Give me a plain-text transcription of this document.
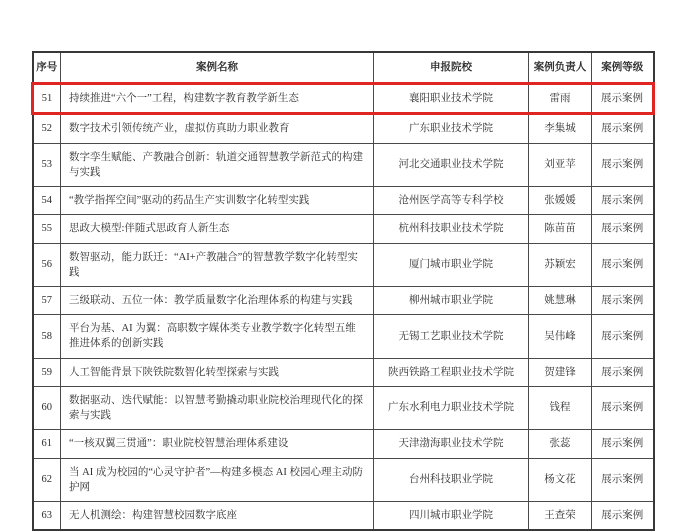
序号	案例名称	申报院校	案例负责人	案例等级
51	持续推进“六个一”工程，构建数字教育教学新生态	襄阳职业技术学院	雷雨	展示案例
52	数字技术引领传统产业，虚拟仿真助力职业教育	广东职业技术学院	李集城	展示案例
53	数字孪生赋能、产教融合创新：轨道交通智慧教学新范式的构建与实践	河北交通职业技术学院	刘亚苹	展示案例
54	“教学指挥空间”驱动的药品生产实训数字化转型实践	沧州医学高等专科学校	张媛媛	展示案例
55	思政大模型:伴随式思政育人新生态	杭州科技职业技术学院	陈苗苗	展示案例
56	数智驱动，能力跃迁：“AI+产教融合”的智慧教学数字化转型实践	厦门城市职业学院	苏颖宏	展示案例
57	三级联动、五位一体：教学质量数字化治理体系的构建与实践	柳州城市职业学院	姚慧琳	展示案例
58	平台为基、AI 为翼：高职数字媒体类专业教学数字化转型五维推进体系的创新实践	无锡工艺职业技术学院	吴伟峰	展示案例
59	人工智能背景下陕铁院数智化转型探索与实践	陕西铁路工程职业技术学院	贺建锋	展示案例
60	数据驱动、迭代赋能：以智慧考勤撬动职业院校治理现代化的探索与实践	广东水利电力职业技术学院	钱程	展示案例
61	“一核双翼三贯通”：职业院校智慧治理体系建设	天津渤海职业技术学院	张蕊	展示案例
62	当 AI 成为校园的“心灵守护者”—构建多模态 AI 校园心理主动防护网	台州科技职业学院	杨文花	展示案例
63	无人机测绘：构建智慧校园数字底座	四川城市职业学院	王查荣	展示案例
